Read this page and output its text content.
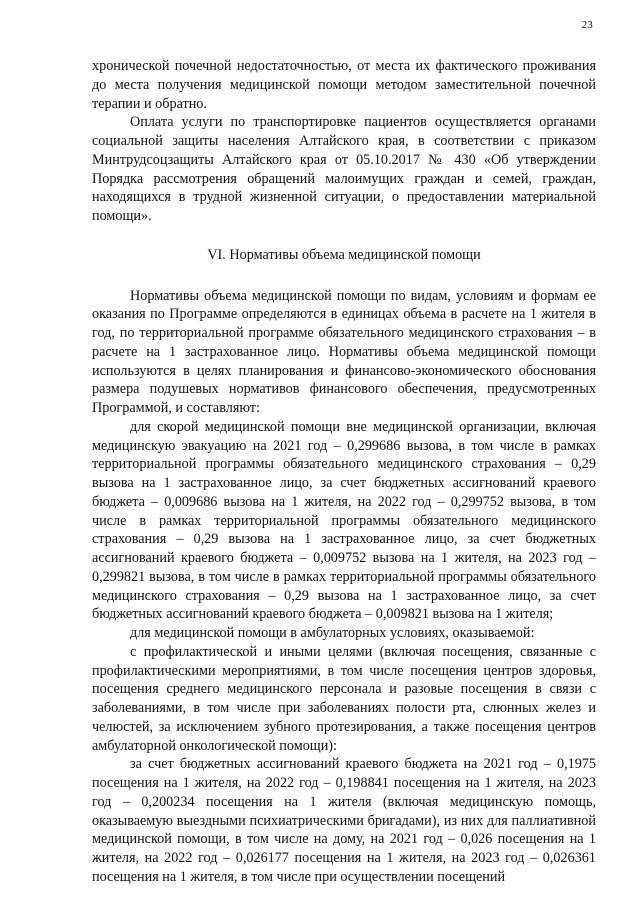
23

хронической почечной недостаточностью, от места их фактического проживания до места получения медицинской помощи методом заместительной почечной терапии и обратно.

Оплата услуги по транспортировке пациентов осуществляется органами социальной защиты населения Алтайского края, в соответствии с приказом Минтрудсоцзащиты Алтайского края от 05.10.2017 № 430 «Об утверждении Порядка рассмотрения обращений малоимущих граждан и семей, граждан, находящихся в трудной жизненной ситуации, о предоставлении материальной помощи».

VI. Нормативы объема медицинской помощи

Нормативы объема медицинской помощи по видам, условиям и формам ее оказания по Программе определяются в единицах объема в расчете на 1 жителя в год, по территориальной программе обязательного медицинского страхования – в расчете на 1 застрахованное лицо. Нормативы объема медицинской помощи используются в целях планирования и финансово-экономического обоснования размера подушевых нормативов финансового обеспечения, предусмотренных Программой, и составляют:

для скорой медицинской помощи вне медицинской организации, включая медицинскую эвакуацию на 2021 год – 0,299686 вызова, в том числе в рамках территориальной программы обязательного медицинского страхования – 0,29 вызова на 1 застрахованное лицо, за счет бюджетных ассигнований краевого бюджета – 0,009686 вызова на 1 жителя, на 2022 год – 0,299752 вызова, в том числе в рамках территориальной программы обязательного медицинского страхования – 0,29 вызова на 1 застрахованное лицо, за счет бюджетных ассигнований краевого бюджета – 0,009752 вызова на 1 жителя, на 2023 год – 0,299821 вызова, в том числе в рамках территориальной программы обязательного медицинского страхования – 0,29 вызова на 1 застрахованное лицо, за счет бюджетных ассигнований краевого бюджета – 0,009821 вызова на 1 жителя;

для медицинской помощи в амбулаторных условиях, оказываемой:

с профилактической и иными целями (включая посещения, связанные с профилактическими мероприятиями, в том числе посещения центров здоровья, посещения среднего медицинского персонала и разовые посещения в связи с заболеваниями, в том числе при заболеваниях полости рта, слюнных желез и челюстей, за исключением зубного протезирования, а также посещения центров амбулаторной онкологической помощи):

за счет бюджетных ассигнований краевого бюджета на 2021 год – 0,1975 посещения на 1 жителя, на 2022 год – 0,198841 посещения на 1 жителя, на 2023 год – 0,200234 посещения на 1 жителя (включая медицинскую помощь, оказываемую выездными психиатрическими бригадами), из них для паллиативной медицинской помощи, в том числе на дому, на 2021 год – 0,026 посещения на 1 жителя, на 2022 год – 0,026177 посещения на 1 жителя, на 2023 год – 0,026361 посещения на 1 жителя, в том числе при осуществлении посещений
